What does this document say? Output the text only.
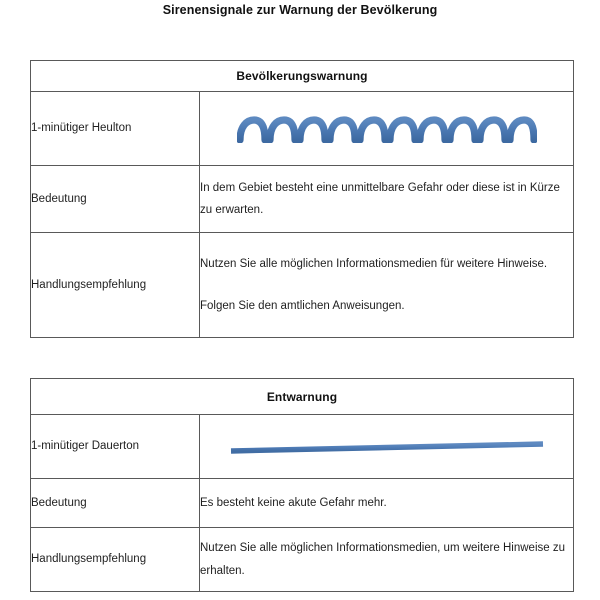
Sirenensignale zur Warnung der Bevölkerung
Bevölkerungswarnung	
1-minütiger Heulton	

Bedeutung	In dem Gebiet besteht eine unmittelbare Gefahr oder diese ist in Kürze zu erwarten.

Handlungsempfehlung	Nutzen Sie alle möglichen Informationsmedien für weitere Hinweise.

Folgen Sie den amtlichen Anweisungen.

Entwarnung	
1-minütiger Dauerton	

Bedeutung	Es besteht keine akute Gefahr mehr.

Handlungsempfehlung	Nutzen Sie alle möglichen Informationsmedien, um weitere Hinweise zu erhalten.
